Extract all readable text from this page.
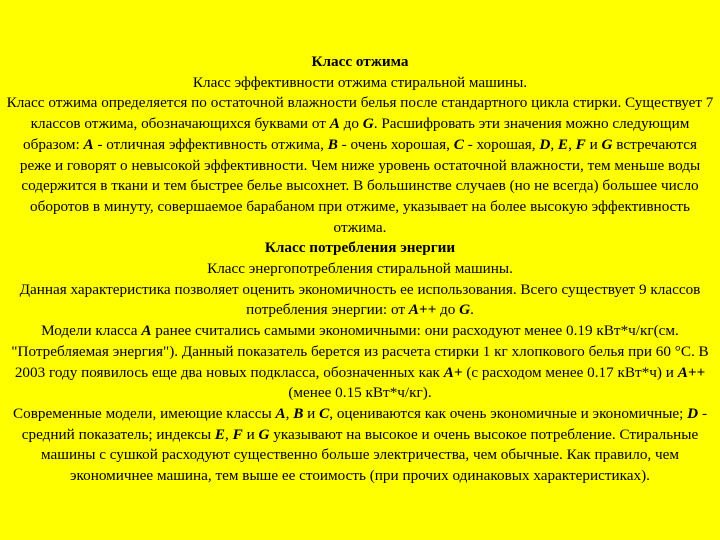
Класс отжима

Класс эффективности отжима стиральной машины.

Класс отжима определяется по остаточной влажности белья после стандартного цикла стирки. Существует 7 классов отжима, обозначающихся буквами от A до G. Расшифровать эти значения можно следующим образом: A - отличная эффективность отжима, B - очень хорошая, C - хорошая, D, E, F и G встречаются реже и говорят о невысокой эффективности. Чем ниже уровень остаточной влажности, тем меньше воды содержится в ткани и тем быстрее белье высохнет. В большинстве случаев (но не всегда) большее число оборотов в минуту, совершаемое барабаном при отжиме, указывает на более высокую эффективность отжима.

Класс потребления энергии

Класс энергопотребления стиральной машины.

Данная характеристика позволяет оценить экономичность ее использования. Всего существует 9 классов потребления энергии: от A++ до G.

Модели класса A ранее считались самыми экономичными: они расходуют менее 0.19 кВт*ч/кг(см. "Потребляемая энергия"). Данный показатель берется из расчета стирки 1 кг хлопкового белья при 60 °С. В 2003 году появилось еще два новых подкласса, обозначенных как A+ (с расходом менее 0.17 кВт*ч) и A++ (менее 0.15 кВт*ч/кг).

Современные модели, имеющие классы A, B и C, оцениваются как очень экономичные и экономичные; D - средний показатель; индексы E, F и G указывают на высокое и очень высокое потребление. Стиральные машины с сушкой расходуют существенно больше электричества, чем обычные. Как правило, чем экономичнее машина, тем выше ее стоимость (при прочих одинаковых характеристиках).
